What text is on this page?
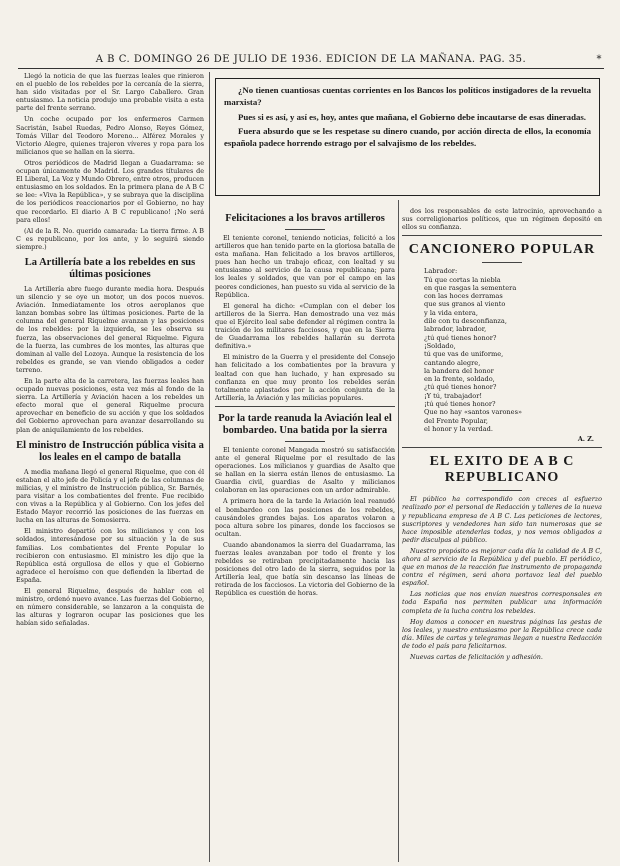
A B C. DOMINGO 26 DE JULIO DE 1936. EDICION DE LA MAÑANA. PAG. 35.	*

Llegó la noticia de que las fuerzas leales que rinieron en el pueblo de los rebeldes por la cercanía de la sierra, han sido visitadas por el Sr. Largo Caballero. Gran entusiasmo. La noticia produjo una probable visita a esta parte del frente serrano.

Un coche ocupado por los enfermeros Carmen Sacristán, Isabel Ruedas, Pedro Alonso, Reyes Gómez, Tomás Villar del Teodoro Moreno... Alférez Morales y Victorio Alegre, quienes trajeron víveres y ropa para los milicianos que se hallan en la sierra.

Otros periódicos de Madrid llegan a Guadarrama: se ocupan únicamente de Madrid. Los grandes títulares de El Liberal, La Voz y Mundo Obrero, entre otros, producen entusiasmo en los soldados. En la primera plana de A B C se lee: «Viva la República», y se subraya que la disciplina de los periódicos reaccionarios por el Gobierno, no hay que recordarlo. El diario A B C republicano! ¡No será para ellos!

(Al de la R. No. querido camarada: La tierra firme. A B C es republicano, por los ante, y lo seguirá siendo siempre.)

La Artillería bate a los rebeldes en sus últimas posiciones

La Artillería abre fuego durante media hora. Después un silencio y se oye un motor, un dos pocos nuevos. Aviación. Inmediatamente los otros aeroplanos que lanzan bombas sobre las últimas posiciones. Parte de la columna del general Riquelme avanzan y las posiciones de los rebeldes: por la izquierda, se les observa su fuerza, las observaciones del general Riquelme. Figura de la fuerza, las cumbres de los montes, las alturas que dominan al valle del Lozoya. Aunque la resistencia de los rebeldes es grande, se van viendo obligados a ceder terreno.

En la parte alta de la carretera, las fuerzas leales han ocupado nuevas posiciones, esta vez más al fondo de la sierra. La Artillería y Aviación hacen a los rebeldes un efecto moral que el general Riquelme procura aprovechar en beneficio de su acción y que los soldados del Gobierno aprovechan para avanzar desarrollando su plan de aniquilamiento de los rebeldes.

El ministro de Instrucción pública visita a los leales en el campo de batalla

A media mañana llegó el general Riquelme, que con él estaban el alto jefe de Policía y el jefe de las columnas de milicias, y el ministro de Instrucción pública, Sr. Barnés, para visitar a los combatientes del frente. Fue recibido con vivas a la República y al Gobierno. Con los jefes del Estado Mayor recorrió las posiciones de las fuerzas en lucha en las alturas de Somosierra.

El ministro departió con los milicianos y con los soldados, interesándose por su situación y la de sus familias. Los combatientes del Frente Popular lo recibieron con entusiasmo. El ministro les dijo que la República está orgullosa de ellos y que el Gobierno agradece el heroísmo con que defienden la libertad de España.

El general Riquelme, después de hablar con el ministro, ordenó nuevo avance. Las fuerzas del Gobierno, en número considerable, se lanzaron a la conquista de las alturas y lograron ocupar las posiciones que les habían sido señaladas.

¿No tienen cuantiosas cuentas corrientes en los Bancos los políticos instigadores de la revuelta marxista?

Pues si es así, y así es, hoy, antes que mañana, el Gobierno debe incautarse de esas dineradas.

Fuera absurdo que se les respetase su dinero cuando, por acción directa de ellos, la economía española padece horrendo estrago por el salvajismo de los rebeldes.

Felicitaciones a los bravos artilleros

El teniente coronel, teniendo noticias, felicitó a los artilleros que han tenido parte en la gloriosa batalla de esta mañana. Han felicitado a los bravos artilleros, pues han hecho un trabajo eficaz, con lealtad y su entusiasmo al servicio de la causa republicana; para los leales y soldados, que van por el campo en las peores condiciones, han puesto su vida al servicio de la República.

El general ha dicho: «Cumplan con el deber los artilleros de la Sierra. Han demostrado una vez más que el Ejército leal sabe defender al régimen contra la traición de los militares facciosos, y que en la Sierra de Guadarrama los rebeldes hallarán su derrota definitiva.»

El ministro de la Guerra y el presidente del Consejo han felicitado a los combatientes por la bravura y lealtad con que han luchado, y han expresado su confianza en que muy pronto los rebeldes serán totalmente aplastados por la acción conjunta de la Artillería, la Aviación y las milicias populares.

Por la tarde reanuda la Aviación leal el bombardeo. Una batida por la sierra

El teniente coronel Mangada mostró su satisfacción ante el general Riquelme por el resultado de las operaciones. Los milicianos y guardias de Asalto que se hallan en la sierra están llenos de entusiasmo. La Guardia civil, guardias de Asalto y milicianos colaboran en las operaciones con un ardor admirable.

A primera hora de la tarde la Aviación leal reanudó el bombardeo con las posiciones de los rebeldes, causándoles grandes bajas. Los aparatos volaron a poca altura sobre los pinares, donde los facciosos se ocultan.

Cuando abandonamos la sierra del Guadarrama, las fuerzas leales avanzaban por todo el frente y los rebeldes se retiraban precipitadamente hacia las posiciones del otro lado de la sierra, seguidos por la Artillería leal, que batía sin descanso las líneas de retirada de los facciosos. La victoria del Gobierno de la República es cuestión de horas.

dos los responsables de este latrocinio, aprovechando a sus correligionarios políticos, que un régimen depositó en ellos su confianza.

CANCIONERO POPULAR
Labrador:
Tú que cortas la niebla
en que rasgas la sementera
con las hoces derramas
que sus granos al viento
y la vida entera,
dile con tu desconfianza,
labrador, labrador,
¿tú qué tienes honor?
¡Soldado,
tú que vas de uniforme,
cantando alegre,
la bandera del honor
en la frente, soldado,
¿tú qué tienes honor?
¡Y tú, trabajador!
¡tú qué tienes honor?
Que no hay «santos varones»
del Frente Popular,
el honor y la verdad.
A. Z.
EL EXITO DE A B C REPUBLICANO

El público ha correspondido con creces al esfuerzo realizado por el personal de Redacción y talleres de la nueva y republicana empresa de A B C. Las peticiones de lectores, suscriptores y vendedores han sido tan numerosas que se hace imposible atenderlas todas, y nos vemos obligados a pedir disculpas al público.

Nuestro propósito es mejorar cada día la calidad de A B C, ahora al servicio de la República y del pueblo. El periódico, que en manos de la reacción fue instrumento de propaganda contra el régimen, será ahora portavoz leal del pueblo español.

Las noticias que nos envían nuestros corresponsales en toda España nos permiten publicar una información completa de la lucha contra los rebeldes.

Hoy damos a conocer en nuestras páginas las gestas de los leales, y nuestro entusiasmo por la República crece cada día. Miles de cartas y telegramas llegan a nuestra Redacción de todo el país para felicitarnos.

Nuevas cartas de felicitación y adhesión.
